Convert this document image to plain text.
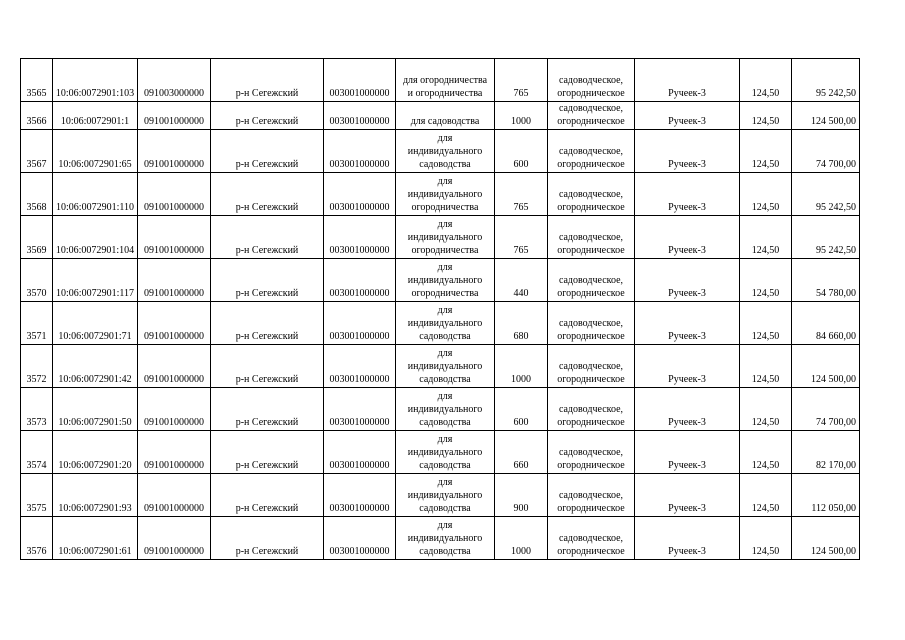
3565	10:06:0072901:103	091003000000	р-н Сегежский	003001000000	для огородничества
и огородничества	765	садоводческое,
огородническое	Ручеек-3	124,50	95 242,50
3566	10:06:0072901:1	091001000000	р-н Сегежский	003001000000	для садоводства	1000	садоводческое,
огородническое	Ручеек-3	124,50	124 500,00
3567	10:06:0072901:65	091001000000	р-н Сегежский	003001000000	для
индивидуального
садоводства	600	садоводческое,
огородническое	Ручеек-3	124,50	74 700,00
3568	10:06:0072901:110	091001000000	р-н Сегежский	003001000000	для
индивидуального
огородничества	765	садоводческое,
огородническое	Ручеек-3	124,50	95 242,50
3569	10:06:0072901:104	091001000000	р-н Сегежский	003001000000	для
индивидуального
огородничества	765	садоводческое,
огородническое	Ручеек-3	124,50	95 242,50
3570	10:06:0072901:117	091001000000	р-н Сегежский	003001000000	для
индивидуального
огородничества	440	садоводческое,
огородническое	Ручеек-3	124,50	54 780,00
3571	10:06:0072901:71	091001000000	р-н Сегежский	003001000000	для
индивидуального
садоводства	680	садоводческое,
огородническое	Ручеек-3	124,50	84 660,00
3572	10:06:0072901:42	091001000000	р-н Сегежский	003001000000	для
индивидуального
садоводства	1000	садоводческое,
огородническое	Ручеек-3	124,50	124 500,00
3573	10:06:0072901:50	091001000000	р-н Сегежский	003001000000	для
индивидуального
садоводства	600	садоводческое,
огородническое	Ручеек-3	124,50	74 700,00
3574	10:06:0072901:20	091001000000	р-н Сегежский	003001000000	для
индивидуального
садоводства	660	садоводческое,
огородническое	Ручеек-3	124,50	82 170,00
3575	10:06:0072901:93	091001000000	р-н Сегежский	003001000000	для
индивидуального
садоводства	900	садоводческое,
огородническое	Ручеек-3	124,50	112 050,00
3576	10:06:0072901:61	091001000000	р-н Сегежский	003001000000	для
индивидуального
садоводства	1000	садоводческое,
огородническое	Ручеек-3	124,50	124 500,00
